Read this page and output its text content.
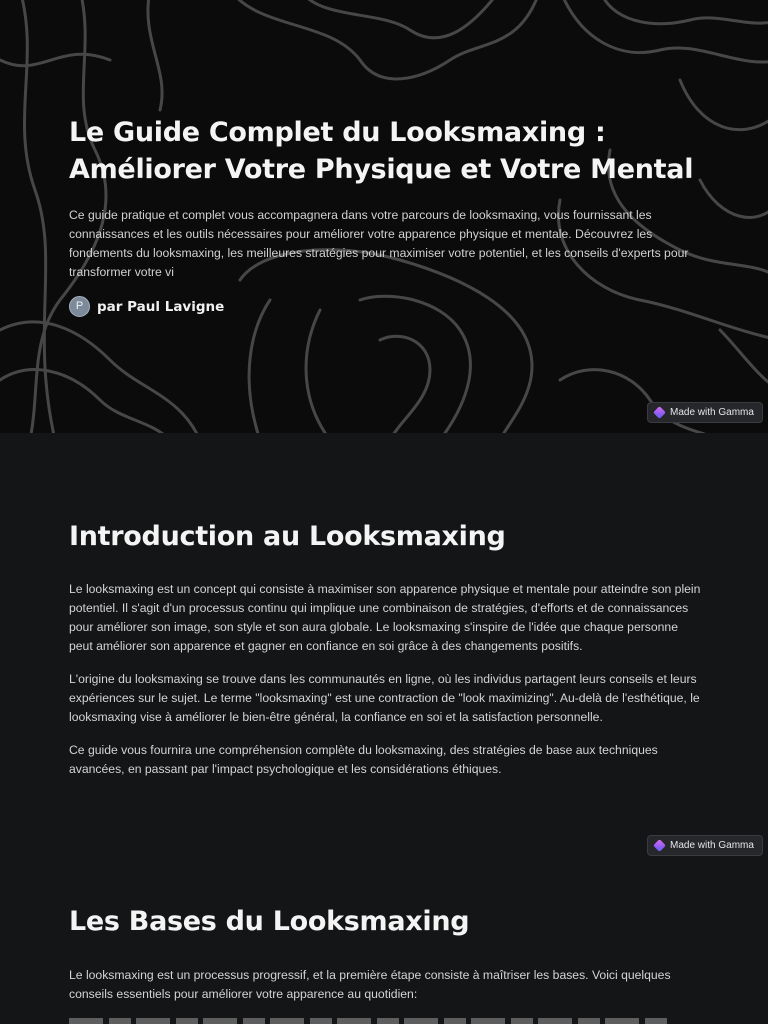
Le Guide Complet du Looksmaxing : Améliorer Votre Physique et Votre Mental

Ce guide pratique et complet vous accompagnera dans votre parcours de looksmaxing, vous fournissant les connaissances et les outils nécessaires pour améliorer votre apparence physique et mentale. Découvrez les fondements du looksmaxing, les meilleures stratégies pour maximiser votre potentiel, et les conseils d'experts pour transformer votre vi

P	par Paul Lavigne
Made with Gamma
Introduction au Looksmaxing

Le looksmaxing est un concept qui consiste à maximiser son apparence physique et mentale pour atteindre son plein potentiel. Il s'agit d'un processus continu qui implique une combinaison de stratégies, d'efforts et de connaissances pour améliorer son image, son style et son aura globale. Le looksmaxing s'inspire de l'idée que chaque personne peut améliorer son apparence et gagner en confiance en soi grâce à des changements positifs.

L'origine du looksmaxing se trouve dans les communautés en ligne, où les individus partagent leurs conseils et leurs expériences sur le sujet. Le terme "looksmaxing" est une contraction de "look maximizing". Au-delà de l'esthétique, le looksmaxing vise à améliorer le bien-être général, la confiance en soi et la satisfaction personnelle.

Ce guide vous fournira une compréhension complète du looksmaxing, des stratégies de base aux techniques avancées, en passant par l'impact psychologique et les considérations éthiques.

Made with Gamma
Les Bases du Looksmaxing

Le looksmaxing est un processus progressif, et la première étape consiste à maîtriser les bases. Voici quelques conseils essentiels pour améliorer votre apparence au quotidien:
